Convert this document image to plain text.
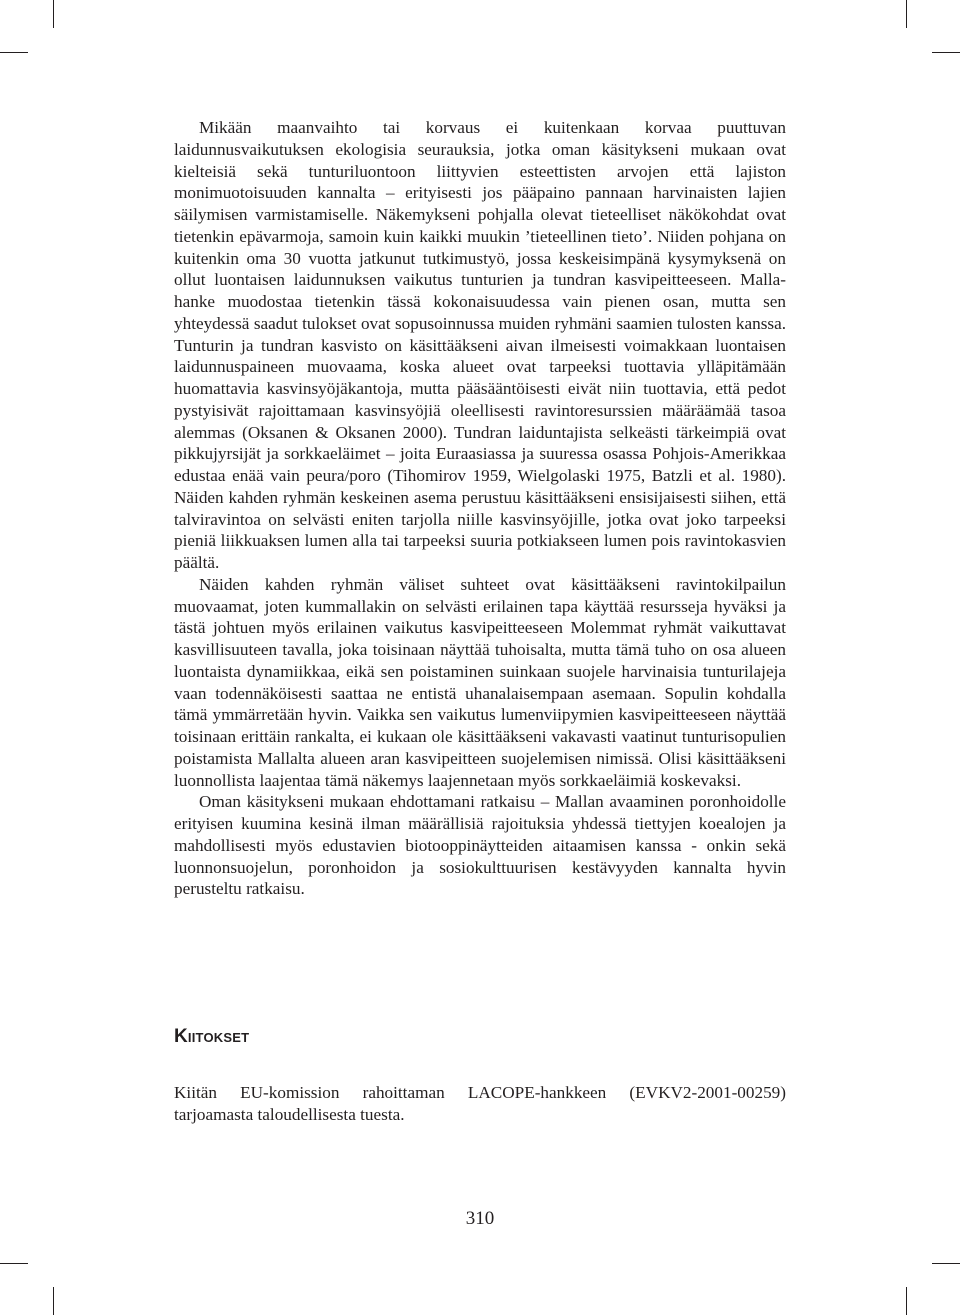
Mikään maanvaihto tai korvaus ei kuitenkaan korvaa puuttuvan laidunnusvaikutuksen ekologisia seurauksia, jotka oman käsitykseni mukaan ovat kielteisiä sekä tunturiluontoon liittyvien esteettisten arvojen että lajiston monimuotoisuuden kannalta – erityisesti jos pääpaino pannaan harvinaisten lajien säilymisen varmistamiselle. Näkemykseni pohjalla olevat tieteelliset näkökohdat ovat tietenkin epävarmoja, samoin kuin kaikki muukin ’tieteellinen tieto’. Niiden pohjana on kuitenkin oma 30 vuotta jatkunut tutkimustyö, jossa keskeisimpänä kysymyksenä on ollut luontaisen laidunnuksen vaikutus tunturien ja tundran kasvipeitteeseen. Malla-hanke muodostaa tietenkin tässä kokonaisuudessa vain pienen osan, mutta sen yhteydessä saadut tulokset ovat sopusoinnussa muiden ryhmäni saamien tulosten kanssa. Tunturin ja tundran kasvisto on käsittääkseni aivan ilmeisesti voimakkaan luontaisen laidunnuspaineen muovaama, koska alueet ovat tarpeeksi tuottavia ylläpitämään huomattavia kasvinsyöjäkantoja, mutta pääsääntöisesti eivät niin tuottavia, että pedot pystyisivät rajoittamaan kasvinsyöjiä oleellisesti ravintoresurssien määräämää tasoa alemmas (Oksanen & Oksanen 2000). Tundran laiduntajista selkeästi tärkeimpiä ovat pikkujyrsijät ja sorkkaeläimet – joita Euraasiassa ja suuressa osassa Pohjois-Amerikkaa edustaa enää vain peura/poro (Tihomirov 1959, Wielgolaski 1975, Batzli et al. 1980). Näiden kahden ryhmän keskeinen asema perustuu käsittääkseni ensisijaisesti siihen, että talviravintoa on selvästi eniten tarjolla niille kasvinsyöjille, jotka ovat joko tarpeeksi pieniä liikkuaksen lumen alla tai tarpeeksi suuria potkiakseen lumen pois ravintokasvien päältä.

Näiden kahden ryhmän väliset suhteet ovat käsittääkseni ravintokilpailun muovaamat, joten kummallakin on selvästi erilainen tapa käyttää resursseja hyväksi ja tästä johtuen myös erilainen vaikutus kasvipeitteeseen Molemmat ryhmät vaikuttavat kasvillisuuteen tavalla, joka toisinaan näyttää tuhoisalta, mutta tämä tuho on osa alueen luontaista dynamiikkaa, eikä sen poistaminen suinkaan suojele harvinaisia tunturilajeja vaan todennäköisesti saattaa ne entistä uhanalaisempaan asemaan. Sopulin kohdalla tämä ymmärretään hyvin. Vaikka sen vaikutus lumenviipymien kasvipeitteeseen näyttää toisinaan erittäin rankalta, ei kukaan ole käsittääkseni vakavasti vaatinut tunturisopulien poistamista Mallalta alueen aran kasvipeitteen suojelemisen nimissä. Olisi käsittääkseni luonnollista laajentaa tämä näkemys laajennetaan myös sorkkaeläimiä koskevaksi.

Oman käsitykseni mukaan ehdottamani ratkaisu – Mallan avaaminen poronhoidolle erityisen kuumina kesinä ilman määrällisiä rajoituksia yhdessä tiettyjen koealojen ja mahdollisesti myös edustavien biotooppinäytteiden aitaamisen kanssa - onkin sekä luonnonsuojelun, poronhoidon ja sosiokulttuurisen kestävyyden kannalta hyvin perusteltu ratkaisu.

Kiitokset

Kiitän EU-komission rahoittaman LACOPE-hankkeen (EVKV2-2001-00259) tarjoamasta taloudellisesta tuesta.

310
